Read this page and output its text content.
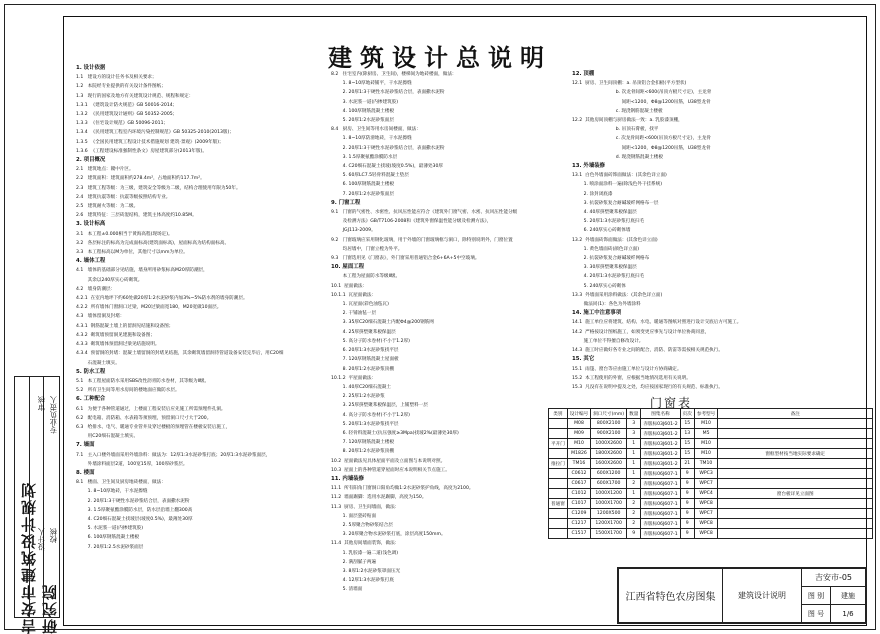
吉安市建筑设计规划研究院
设计人 校核
审核 专业负责人
建筑设计总说明
1. 设计依据
1.1   建设方的设计任务书及相关要求；
1.2   本院经专业提供的有关设计条件图纸；
1.3   现行的国家及地方有关建筑设计规范、规程和规定：
1.3.1  《建筑设计防火规范》GB 50016-2014；
1.3.2  《民用建筑设计通则》GB 50352-2005；
1.3.3  《住宅设计规范》GB 50096-2011；
1.3.4  《民用建筑工程室内环境污染控制规范》GB 50325-2010(2013版)；
1.3.5  《全国民用建筑工程设计技术措施规划 建筑·景观》(2009年版)；
1.3.6  《工程建设标准强制性条文》房屋建筑部分(2013年版)。
2. 项目概况
2.1   建筑地点：赣中片区。
2.2   建筑面积：建筑面积约278.4m²，占地面积约117.7m²。
2.3   建筑工程等级：为三级，建筑安全等级为二级，结构合理使用年限为50年。
2.4   建筑抗震等级：抗震等级按照结构专业。
2.5   建筑耐火等级：为二级。
2.6   建筑特征：三层砖混结构，建筑主体高度约10.85M。
3. 设计标高
3.1   本工程±0.000相当于黄海高程(现场定)。
3.2   各层标注的标高为完成面标高(建筑面标高)，屋面标高为结构面标高。
3.3   本工程标高以M为单位，其他尺寸以mm为单位。
4. 墙体工程
4.1   墙体的基础部分见结施，墙身所用砂浆标高M20厚防潮层，
其余以240厚实心砖砌筑。
4.2   墙身防潮层：
4.2.1  在室内地坪下约60处做20厚1:2水泥砂浆内加3%~5%防水剂的墙身防潮层。
4.2.2  所有墙体门窗洞口过梁，M20过梁面宽180，M20宽做10面层。
4.3   墙体留洞及封堵：
4.3.1  钢筋混凝土墙上的留洞见结施和设备图；
4.3.2  砌筑墙预留洞见建施和设备图；
4.3.3  砌筑墙体预留洞过梁见结施说明。
4.3.4  预留洞的封堵：混凝土墙留洞的封堵见结施，其余砌筑墙留洞待管道设备安装完毕后，用C20细
石混凝土填实。
5. 防水工程
5.1   本工程屋面防水采用SBS改性沥青防水卷材，其等级为Ⅱ级。
5.2   所有卫生间等用水房间的楼地面应做防水层。
6. 工种配合
6.1   为便于各种管道通过，上楼面工程安装后应先施工所需预埋件孔洞。
6.2   配电箱、消防箱、水表箱等须预埋，预留洞口尺寸大于200。
6.3   给排水、电气、暖通专业管井及穿过楼板的预埋管在楼板安装后施工，
用C20细石混凝土填实。
7. 墙面
7.1   主入口楼外墙面采用外墙涂料：做法为：12厚1:3水泥砂浆打底；20厚1:3水泥砂浆面层，
外墙涂料面层2道，100宽15厚，100厚砂浆层。
8. 楼面
8.1   楼面、卫生间及厨房地砖楼面，做法：
1. 8~10厚地砖，干水泥擦缝
2. 20厚1:3干硬性水泥砂浆结合层，表面撒水泥粉
3. 1.5厚聚氨酯涂膜防水层，防水层沿墙上翻300高
4. C20细石混凝土找坡层(坡度0.5%)，最薄处30厚
5. 水泥浆一道(内掺建筑胶)
6. 100厚钢筋混凝土楼板
7. 20厚1:2.5水泥砂浆面层
8.2   住宅室内(除厨房、卫生间)，楼梯间为地砖楼面，做法：
1. 8~10厚地砖铺平，干水泥擦缝
2. 20厚1:3干硬性水泥砂浆结合层，表面撒水泥粉
3. 水泥浆一道(内掺建筑胶)
4. 100厚钢筋混凝土楼板
5. 20厚1:2水泥砂浆面层
8.4   厨房、卫生间等用水房间楼面，做法：
1. 8~10厚防滑地砖，干水泥擦缝
2. 20厚1:3干硬性水泥砂浆结合层，表面撒水泥粉
3. 1.5厚聚氨酯涂膜防水层
4. C20细石混凝土找坡(坡度0.5%)，最薄处30厚
5. 60厚LC7.5轻骨料混凝土垫层
6. 100厚钢筋混凝土楼板
7. 20厚1:2水泥砂浆面层
9. 门窗工程
9.1   门窗的气密性、水密性、抗风压性能应符合《建筑外门窗气密、水密、抗风压性能分级
及检测方法》GB/T7106-2008和《建筑外窗保温性能分级及检测方法》，
JGJ113-2009。
9.2   门窗玻璃应采用钢化玻璃，用于外墙的门窗玻璃框与洞口，除特别说明外，门窗位置
均居墙中，门窗立樘为外平。
9.3   门窗选用见《门窗表》，外门窗采用普通铝合金6+6A+5中空玻璃。
10. 屋面工程
本工程为屋面防水等级Ⅱ级。
10.1  屋面做法：
10.1.1  瓦屋面做法：
1. 瓦屋面(彩色油毡瓦)
2. 干铺油毡一层
3. 35厚C20细石混凝土内配Φ4@200钢筋网
4. 25厚挤塑聚苯板保温层
5. 高分子防水卷材(不小于1.2厚)
6. 20厚1:3水泥砂浆找平层
7. 120厚钢筋混凝土屋面板
8. 20厚1:2水泥砂浆顶棚
10.1.2  平屋面做法：
1. 40厚C20细石混凝土
2. 25厚1:2水泥砂浆
3. 25厚挤塑聚苯板保温层，上铺塑料一层
4. 高分子防水卷材(不小于1.2厚)
5. 20厚1:3水泥砂浆找平层
6. 轻骨料混凝土(抗压强度≥3Mpa)找坡2%(最薄处30厚)
7. 120厚钢筋混凝土楼板
8. 20厚1:2水泥砂浆顶棚
10.2  屋面做法见具体屋面平面及立面图与本说明对照。
10.3  屋面上的各种管道穿屋面时应本说明相关节点施工。
11. 内墙装修
11.1  所有阳角门窗洞口阳角均做1:2水泥砂浆护角线，高度为2100。
11.2  墙面踢脚：选用水泥踢脚，高度为150。
11.3  厨房、卫生间墙面，做法：
1. 面层瓷砖贴面
2. 5厚聚合物砂浆结合层
3. 20厚聚合物水泥砂浆打底，涂层高度150mm。
11.4  其他房间墙面装饰，做法：
1. 乳胶漆一遍二道(浅色调)
2. 满刮腻子两遍
3. 8厚1:2水泥砂浆罩面压光
4. 12厚1:3水泥砂浆打底
5. 清墙面
12. 顶棚
12.1  厨房、卫生间顶棚：a. 吊顶铝合金扣板(平方型状)
b. 次龙骨间距<600(吊顶方板尺寸定)，主龙骨
间距<1200，Φ8@1200吊筋，U38型龙骨
c. 现浇钢筋混凝土楼板
12.2  其他房间顶棚与厨房做法一致：a. 乳胶漆顶棚，
b. 吊顶石膏板，找平
c. 次龙骨间距<600(吊顶方板尺寸定)，主龙骨
间距<1200，Φ8@1200吊筋，U38型龙骨
d. 现浇钢筋混凝土楼板
13. 外墙装修
13.1  白色外墙面砖饰面做法：(其余色详立面)
1. 喷涂面涂料一遍(除浅色外干挂系统)
2. 涂封闭底漆
3. 抗裂砂浆复合耐碱玻纤网格布一层
4. 40厚挤塑聚苯板保温层
5. 20厚1:3水泥砂浆打底扫毛
6. 240厚实心砖砌体墙
13.2  外墙面砖饰面做法：(其余色详立面)
1. 黄色墙面砖(颜色详立面)
2. 抗裂砂浆复合耐碱玻纤网格布
3. 30厚挤塑聚苯板保温层
4. 20厚1:3水泥砂浆打底扫毛
5. 240厚实心砖砌体
13.3  外墙面采用涂料做法：(其余色详立面)
做法同(1)：各色为外墙涂料
14. 施工中注意事项
14.1  施工单位应将建筑、结构、水电、暖通等图纸对照进行设计交底后方可施工。
14.2  严格按设计图纸施工，如须变更应事先与设计单位协商同意，
施工单位不得擅自修改设计。
14.3  施工时应做好各专业之间的配合，消防、防雷等需按相关规范执行。
15. 其它
15.1  雨篷、窗台等应由施工单位与设计方协商确定。
15.2  本工程使用的外窗，应根据当地情况选用有关说明。
15.3  凡没有在说明中提及之处，均应按国家现行的有关规范、标准执行。
门窗表
类别	设计编号	洞口尺寸(mm)	数量	图集名称	页次	参考型号	备注
	M08	800X2100	3	赤版标03J601-2	15	M10	
	M09	900X2100	3	赤版标03J601-2	13	M5	
平开门	M10	1000X2600	1	赤版标03J601-2	15	M10	
	M1826	1800X2600	1	赤版标03J601-2	15	M10	窗框型材按当地实际要求确定
推拉门	TM16	1600X2600	1	赤版标03J601-2	21	TM10	
	C0612	600X1200	1	赤版标06J607-1	9	WPC3	
	C0617	600X1700	2	赤版标06J607-1	9	WPC7	
	C1012	1000X1200	1	赤版标06J607-1	9	WPC4	窗台板详见立面图
普通窗	C1017	1000X1700	2	赤版标06J607-1	9	WPC8	
	C1209	1200X500	2	赤版标06J607-1	9	WPC7	
	C1217	1200X1700	2	赤版标06J607-1	9	WPC8	
	C1517	1500X1700	9	赤版标06J607-1	9	WPC8	
江西省特色农房图集	建筑设计说明
吉安市-05
图 别	建施
图 号	1/6
